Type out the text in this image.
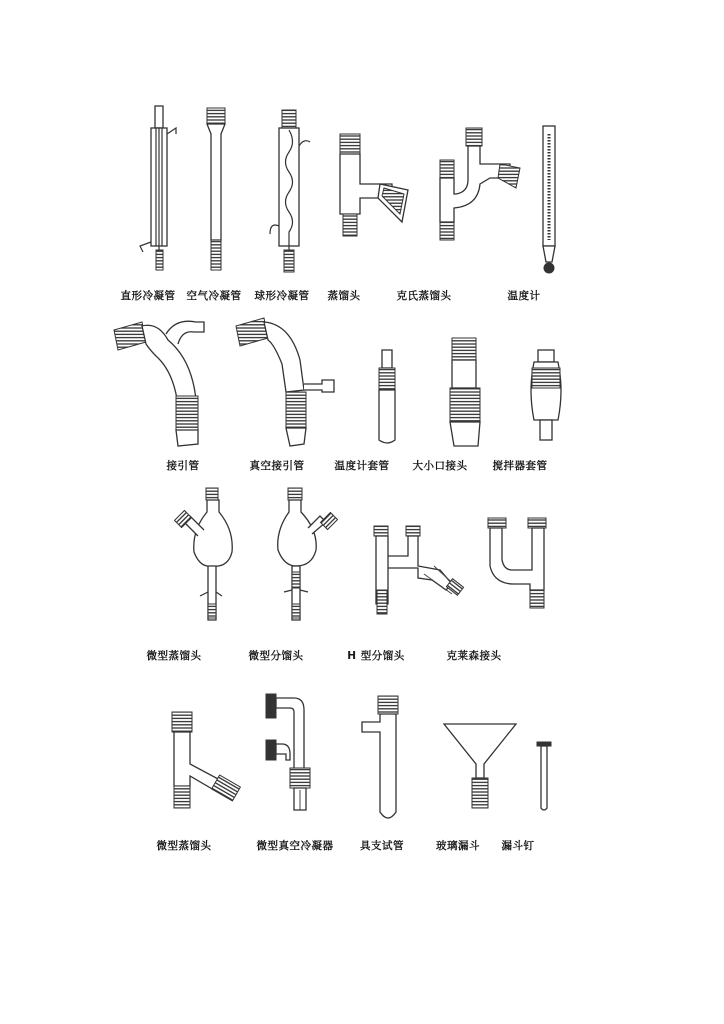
直形冷凝管 空气冷凝管 球形冷凝管 蒸馏头	克氏蒸馏头	温度计
接引管	真空接引管	温度计套管 大小口接头 搅拌器套管
微型蒸馏头	微型分馏头	H 型分馏头	克莱森接头
微型蒸馏头	微型真空冷凝器	具支试管	玻璃漏斗 漏斗钉
